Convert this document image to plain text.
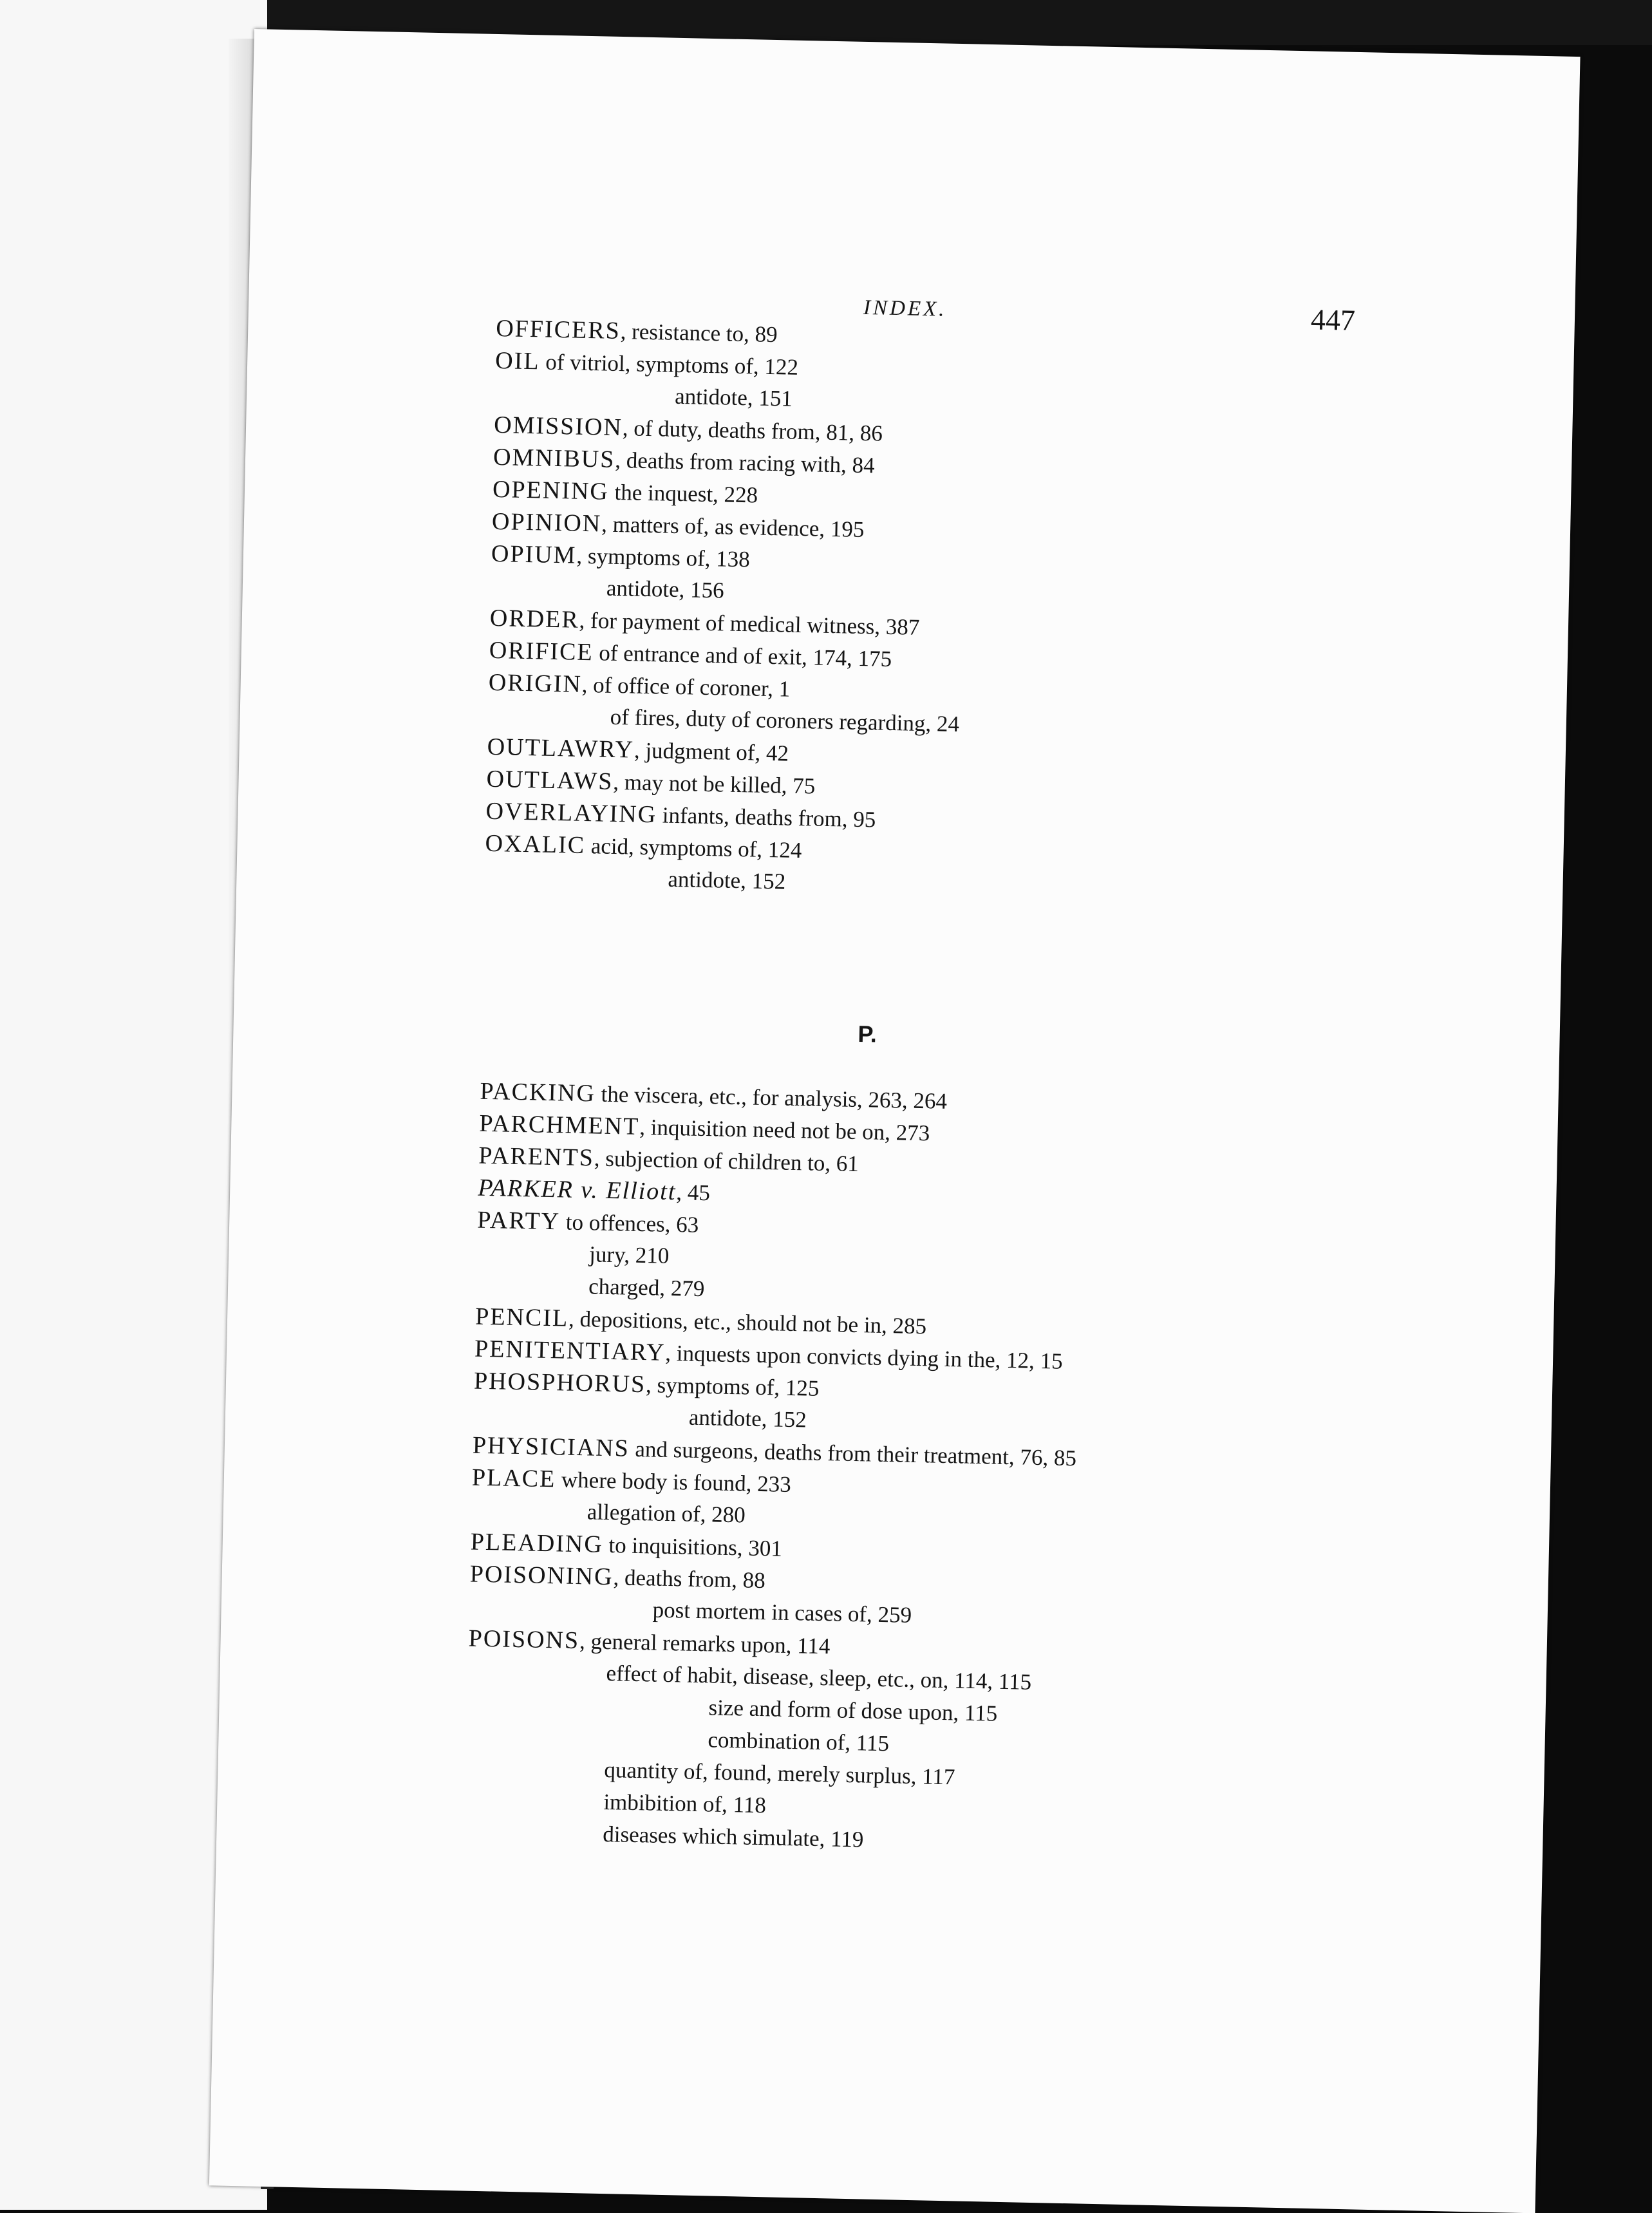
INDEX.	447
OFFICERS, resistance to, 89
OIL of vitriol, symptoms of, 122
antidote, 151
OMISSION, of duty, deaths from, 81, 86
OMNIBUS, deaths from racing with, 84
OPENING the inquest, 228
OPINION, matters of, as evidence, 195
OPIUM, symptoms of, 138
antidote, 156
ORDER, for payment of medical witness, 387
ORIFICE of entrance and of exit, 174, 175
ORIGIN, of office of coroner, 1
of fires, duty of coroners regarding, 24
OUTLAWRY, judgment of, 42
OUTLAWS, may not be killed, 75
OVERLAYING infants, deaths from, 95
OXALIC acid, symptoms of, 124
antidote, 152
P.
PACKING the viscera, etc., for analysis, 263, 264
PARCHMENT, inquisition need not be on, 273
PARENTS, subjection of children to, 61
PARKER v. Elliott, 45
PARTY to offences, 63
jury, 210
charged, 279
PENCIL, depositions, etc., should not be in, 285
PENITENTIARY, inquests upon convicts dying in the, 12, 15
PHOSPHORUS, symptoms of, 125
antidote, 152
PHYSICIANS and surgeons, deaths from their treatment, 76, 85
PLACE where body is found, 233
allegation of, 280
PLEADING to inquisitions, 301
POISONING, deaths from, 88
post mortem in cases of, 259
POISONS, general remarks upon, 114
effect of habit, disease, sleep, etc., on, 114, 115
size and form of dose upon, 115
combination of, 115
quantity of, found, merely surplus, 117
imbibition of, 118
diseases which simulate, 119
